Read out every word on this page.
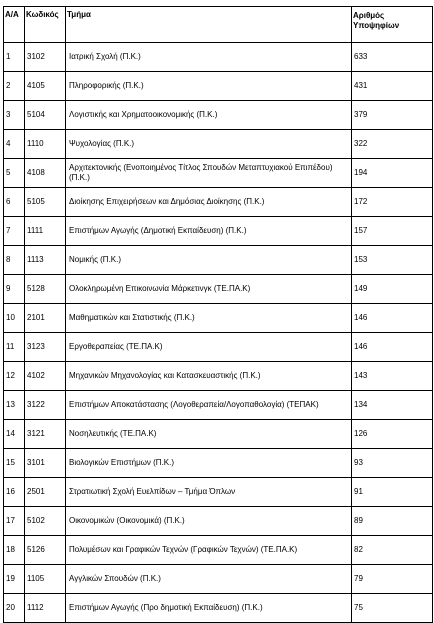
Α/Α	Κωδικός	Τμήμα	Αριθμός
Υποψηφίων
1	3102	Ιατρική Σχολή (Π.Κ.)	633
2	4105	Πληροφορικής (Π.Κ.)	431
3	5104	Λογιστικής και Χρηματοοικονομικής (Π.Κ.)	379
4	1110	Ψυχολογίας (Π.Κ.)	322
5	4108	Αρχιτεκτονικής (Ενοποιημένος Τίτλος Σπουδών Μεταπτυχιακού Επιπέδου) (Π.Κ.)	194
6	5105	Διοίκησης Επιχειρήσεων και Δημόσιας Διοίκησης (Π.Κ.)	172
7	1111	Επιστήμων Αγωγής (Δημοτική Εκπαίδευση) (Π.Κ.)	157
8	1113	Νομικής (Π.Κ.)	153
9	5128	Ολοκληρωμένη Επικοινωνία Μάρκετινγκ (ΤΕ.ΠΑ.Κ)	149
10	2101	Μαθηματικών και Στατιστικής (Π.Κ.)	146
11	3123	Εργοθεραπείας (ΤΕ.ΠΑ.Κ)	146
12	4102	Μηχανικών Μηχανολογίας και Κατασκευαστικής (Π.Κ.)	143
13	3122	Επιστήμων Αποκατάστασης (Λογοθεραπεία/Λογοπαθολογία) (ΤΕΠΑΚ)	134
14	3121	Νοσηλευτικής (ΤΕ.ΠΑ.Κ)	126
15	3101	Βιολογικών Επιστήμων (Π.Κ.)	93
16	2501	Στρατιωτική Σχολή Ευελπίδων – Τμήμα Όπλων	91
17	5102	Οικονομικών (Οικονομικά) (Π.Κ.)	89
18	5126	Πολυμέσων και Γραφικών Τεχνών (Γραφικών Τεχνών) (ΤΕ.ΠΑ.Κ)	82
19	1105	Αγγλικών Σπουδών (Π.Κ.)	79
20	1112	Επιστήμων Αγωγής (Προ δημοτική Εκπαίδευση) (Π.Κ.)	75
